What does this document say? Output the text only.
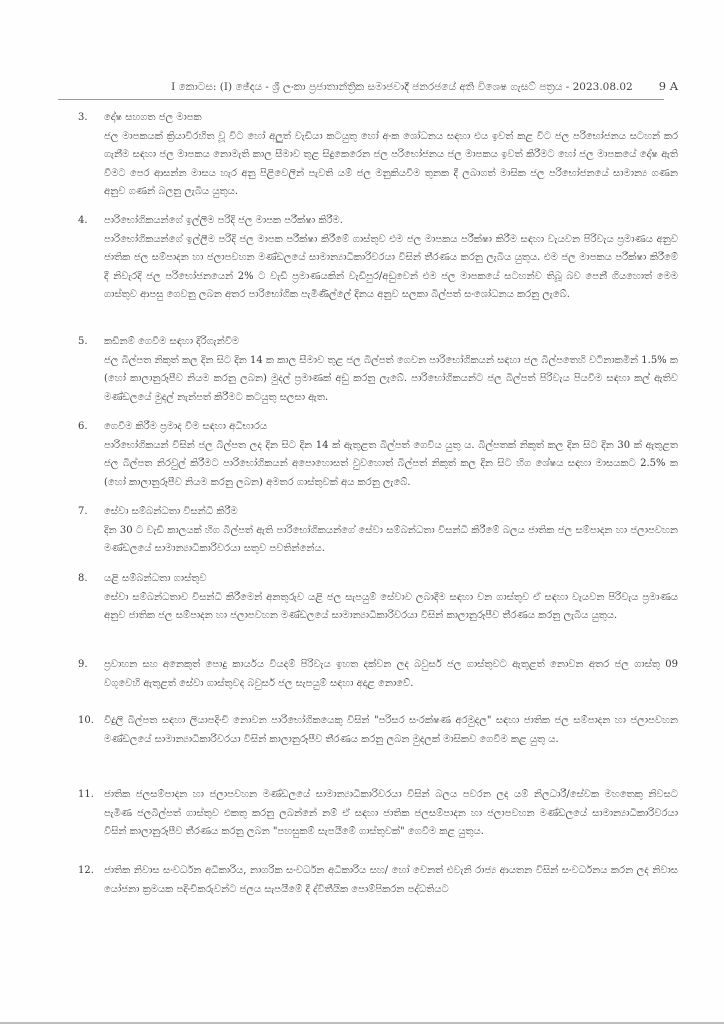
I කොටස: (I) ඡේදය - ශ්‍රී ලංකා ප්‍රජාතාන්ත්‍රික සමාජවාදී ජනරජයේ අති විශෙෂ ගැසට් පත්‍රය - 2023.08.02 9 A
3.	දෝෂ සහගත ජල මාපක
ජල මාපකයක් ක්‍රියාවිරහිත වූ විට හෝ අලුත් වැඩියා කටයුතු හෝ අංක ශෝධනය සඳහා එය ඉවත් කළ විට ජල පරිභෝජනය සටහන් කර ගැනීම සඳහා ජල මාපකය නොමැති කාල සීමාව තුළ සිදුකෙරෙන ජල පරිභෝජනය ජල මාපකය ඉවත් කිරීමට හෝ ජල මාපකයේ දෝෂ ඇති වීමට පෙර ආසන්න මාසය හැර අනු පිළිවෙලින් පැවති යම් ජල මනුකියවීම තුනක දී ලබාගත් මාසික ජල පරිභෝජනයේ සාමාන්‍ය ගණන අනුව ගණන් බලනු ලැබිය යුතුය.
4.	පාරිභෝගිකයන්ගේ ඉල්ලීම පරිදි ජල මාපක පරීක්ෂා කිරීම.
පාරිභෝගිකයන්ගේ ඉල්ලීම පරිදි ජල මාපක පරීක්ෂා කිරීමේ ගාස්තුව එම ජල මාපකය පරීක්ෂා කිරීම සඳහා වැයවන පිරිවැය ප්‍රමාණය අනුව ජාතික ජල සම්පාදන හා ජලාපවහන මණ්ඩලයේ සාමාන්‍යාධිකාරිවරයා විසින් තීරණය කරනු ලැබිය යුතුය. එම ජල මාපකය පරීක්ෂා කිරීමේ දී නිවැරදි ජල පරිභෝජනයෙන් 2% ට වැඩි ප්‍රමාණයකින් වැඩිපුර/අඩුවෙන් එම ජල මාපකයේ සටහන්ව තිබූ බව පෙනී ගියහොත් මෙම ගාස්තුව ආපසු ගෙවනු ලබන අතර පාරිභෝගික පැමිණිල්ලේ දිනය අනුව සලකා බිල්පත් සංශෝධනය කරනු ලැබේ.
5.	කඩිනම් ගෙවීම සඳහා දිරිගැන්වීම
ජල බිල්පත නිකුත් කල දින සිට දින 14 ක කාල සීමාව තුළ ජල බිල්පත් ගෙවන පාරිභෝගිකයන් සඳහා ජල බිල්පතෙහි වටිනාකමින් 1.5% ක (හෝ කාලානුරූපීව නියම කරනු ලබන) මුදල් ප්‍රමාණක් අඩු කරනු ලැබේ. පාරිභෝගිකයන්ට ජල බිල්පත් පිරිවැය පියවීම සඳහා කල් ඇතිව මණ්ඩලයේ මුදල් නැන්පත් කිරීමට කටයුතු සලසා ඇත.
6.	ගෙවීම කිරීම ප්‍රමාද වීම සඳහා අධිභාරය
පාරිභෝගිකයන් විසින් ජල බිල්පත ලද දින සිට දින 14 ක් ඇතුළත බිල්පත් ගෙවිය යුතු ය. බිල්පතක් නිකුත් කල දින සිට දින 30 ක් ඇතුළත ජල බිල්පත නිරවුල් කිරීමට පාරිභෝගිකයන් අපොහොසත් වුවහොත් බිල්පත් නිකුත් කල දින සිට හිග ශේෂය සඳහා මාසයකට 2.5% ක (හෝ කාලානුරූපීව නියම කරනු ලබන) අමතර ගාස්තුවක් අය කරනු ලැබේ.
7.	සේවා සම්බන්ධතා විසන්ධි කිරීම
දින 30 ට වැඩි කාලයක් හිග බිල්පත් ඇති පාරිභෝගිකයන්ගේ සේවා සම්බන්ධතා විසන්ධි කිරීමේ බලය ජාතික ජල සම්පාදන හා ජලාපවහන මණ්ඩලයේ සාමාන්‍යාධිකාරිවරයා සතුව පවතින්නේය.
8.	යළි සම්බන්ධතා ගාස්තුව
සේවා සම්බන්ධතාව විසන්ධි කිරීමෙන් අනතුරුව යළි ජල සැපයුම් සේවාව ලබාදීම සඳහා වන ගාස්තුව ඒ සඳහා වැයවන පිරිවැය ප්‍රමාණය අනුව ජාතික ජල සම්පාදන හා ජලාපවහන මණ්ඩලයේ සාමාන්‍යාධිකාරිවරයා විසින් කාලානුරූපීව තීරණය කරනු ලැබිය යුතුය.
9.	ප්‍රවාහන සහ අනෙකුත් පොදු කාර්යය වියදම් පිරිවැය ඉහත දක්වන ලද බවුසර් ජල ගාස්තුවට ඇතුළත් නොවන අතර ජල ගාස්තු 09 වගුවෙහි ඇතුළත් සේවා ගාස්තුවද බවුසර් ජල සැපයුම් සඳහා අදාළ නොවේ.
10.	විදුලි බිල්පත සඳහා ලියාපදිංචි නොවන පාරිභෝගිකයෙකු විසින් "පරිසර සංරක්ෂණ අරමුදල" සඳහා ජාතික ජල සම්පාදන හා ජලාපවහන මණ්ඩලයේ සාමාන්‍යාධිකාරිවරයා විසින් කාලානුරූපීව තීරණය කරනු ලබන මුදලක් මාසිකව ගෙවීම කළ යුතු ය.
11.	ජාතික ජලසම්පාදන හා ජලාපවහන මණ්ඩලයේ සාමාන්‍යාධිකාරිවරයා විසින් බලය පවරන ලද යම් නිලධාරී/සේවක මහතෙකු නිවසට පැමිණ ජලබිල්පත් ගාස්තුව එකතු කරනු ලබන්නේ නම් ඒ සඳහා ජාතික ජලසම්පාදන හා ජලාපවහන මණ්ඩලයේ සාමාන්‍යාධිකාරිවරයා විසින් කාලානුරූපීව තීරණය කරනු ලබන "පහසුකම් සැපයීමේ ගාස්තුවක්" ගෙවීම කළ යුතුය.
12.	ජාතික නිවාස සංවර්ධන අධිකාරිය, නාගරික සංවර්ධන අධිකාරිය සහ/ හෝ වෙනත් එවැනි රාජ්‍ය ආයතන විසින් සංවර්ධනය කරන ලද නිවාස යෝජනා ක්‍රමයක පදිංචිකරුවන්ට ජලය සැපයීමේ දී ද්විතීයික පොම්පිකරන පද්ධතියට
